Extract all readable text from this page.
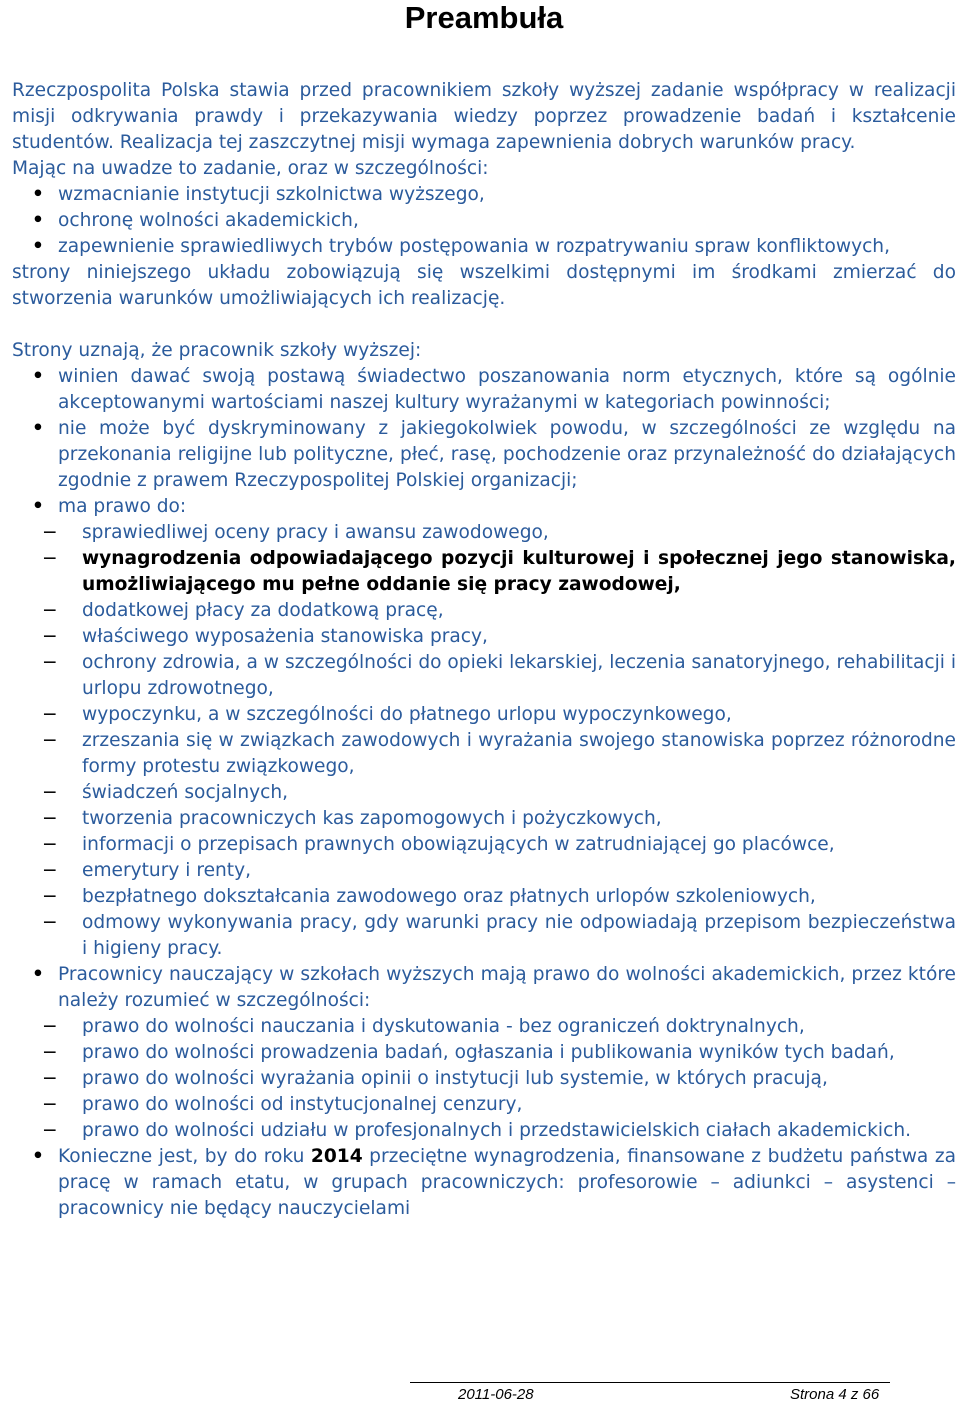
Preambuła

Rzeczpospolita Polska stawia przed pracownikiem szkoły wyższej zadanie współpracy w realizacji misji odkrywania prawdy i przekazywania wiedzy poprzez prowadzenie badań i kształcenie studentów. Realizacja tej zaszczytnej misji wymaga zapewnienia dobrych warunków pracy.

Mając na uwadze to zadanie, oraz w szczególności:

• wzmacnianie instytucji szkolnictwa wyższego,
• ochronę wolności akademickich,
• zapewnienie sprawiedliwych trybów postępowania w rozpatrywaniu spraw konfliktowych,

strony niniejszego układu zobowiązują się wszelkimi dostępnymi im środkami zmierzać do stworzenia warunków umożliwiających ich realizację.

Strony uznają, że pracownik szkoły wyższej:

• winien dawać swoją postawą świadectwo poszanowania norm etycznych, które są ogólnie akceptowanymi wartościami naszej kultury wyrażanymi w kategoriach powinności;
• nie może być dyskryminowany z jakiegokolwiek powodu, w szczególności ze względu na przekonania religijne lub polityczne, płeć, rasę, pochodzenie oraz przynależność do działających zgodnie z prawem Rzeczypospolitej Polskiej organizacji;
• ma prawo do:
− sprawiedliwej oceny pracy i awansu zawodowego,
− wynagrodzenia odpowiadającego pozycji kulturowej i społecznej jego stanowiska, umożliwiającego mu pełne oddanie się pracy zawodowej,
− dodatkowej płacy za dodatkową pracę,
− właściwego wyposażenia stanowiska pracy,
− ochrony zdrowia, a w szczególności do opieki lekarskiej, leczenia sanatoryjnego, rehabilitacji i urlopu zdrowotnego,
− wypoczynku, a w szczególności do płatnego urlopu wypoczynkowego,
− zrzeszania się w związkach zawodowych i wyrażania swojego stanowiska poprzez różnorodne formy protestu związkowego,
− świadczeń socjalnych,
− tworzenia pracowniczych kas zapomogowych i pożyczkowych,
− informacji o przepisach prawnych obowiązujących w zatrudniającej go placówce,
− emerytury i renty,
− bezpłatnego dokształcania zawodowego oraz płatnych urlopów szkoleniowych,
− odmowy wykonywania pracy, gdy warunki pracy nie odpowiadają przepisom bezpieczeństwa i higieny pracy.
• Pracownicy nauczający w szkołach wyższych mają prawo do wolności akademickich, przez które należy rozumieć w szczególności:
− prawo do wolności nauczania i dyskutowania - bez ograniczeń doktrynalnych,
− prawo do wolności prowadzenia badań, ogłaszania i publikowania wyników tych badań,
− prawo do wolności wyrażania opinii o instytucji lub systemie, w których pracują,
− prawo do wolności od instytucjonalnej cenzury,
− prawo do wolności udziału w profesjonalnych i przedstawicielskich ciałach akademickich.
• Konieczne jest, by do roku 2014 przeciętne wynagrodzenia, finansowane z budżetu państwa za pracę w ramach etatu, w grupach pracowniczych: profesorowie – adiunkci – asystenci – pracownicy nie będący nauczycielami
2011-06-28	Strona 4 z 66
